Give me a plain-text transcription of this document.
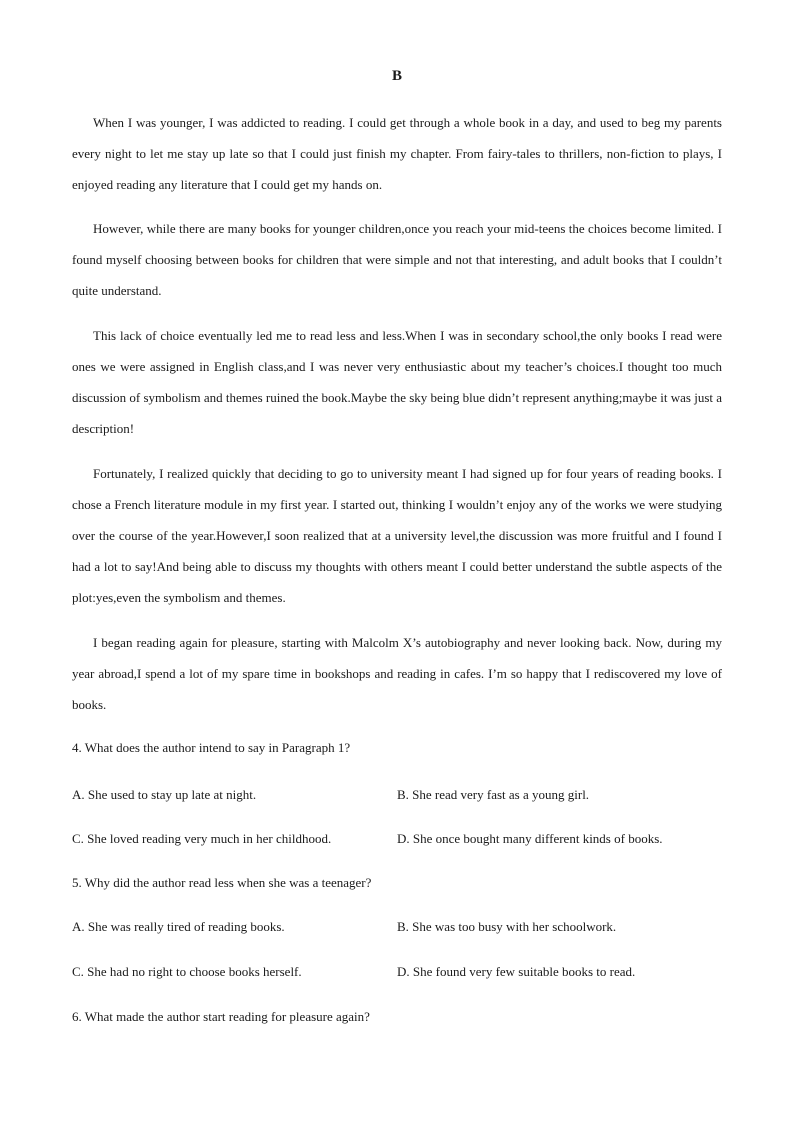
B

When I was younger, I was addicted to reading. I could get through a whole book in a day, and used to beg my parents every night to let me stay up late so that I could just finish my chapter. From fairy-tales to thrillers, non-fiction to plays, I enjoyed reading any literature that I could get my hands on.

However, while there are many books for younger children,once you reach your mid-teens the choices become limited. I found myself choosing between books for children that were simple and not that interesting, and adult books that I couldn’t quite understand.

This lack of choice eventually led me to read less and less.When I was in secondary school,the only books I read were ones we were assigned in English class,and I was never very enthusiastic about my teacher’s choices.I thought too much discussion of symbolism and themes ruined the book.Maybe the sky being blue didn’t represent anything;maybe it was just a description!

Fortunately, I realized quickly that deciding to go to university meant I had signed up for four years of reading books. I chose a French literature module in my first year. I started out, thinking I wouldn’t enjoy any of the works we were studying over the course of the year.However,I soon realized that at a university level,the discussion was more fruitful and I found I had a lot to say!And being able to discuss my thoughts with others meant I could better understand the subtle aspects of the plot:yes,even the symbolism and themes.

I began reading again for pleasure, starting with Malcolm X’s autobiography and never looking back. Now, during my year abroad,I spend a lot of my spare time in bookshops and reading in cafes. I’m so happy that I rediscovered my love of books.

4. What does the author intend to say in Paragraph 1?
A. She used to stay up late at night.	B. She read very fast as a young girl.
C. She loved reading very much in her childhood.	D. She once bought many different kinds of books.
5. Why did the author read less when she was a teenager?
A. She was really tired of reading books.	B. She was too busy with her schoolwork.
C. She had no right to choose books herself.	D. She found very few suitable books to read.
6. What made the author start reading for pleasure again?
